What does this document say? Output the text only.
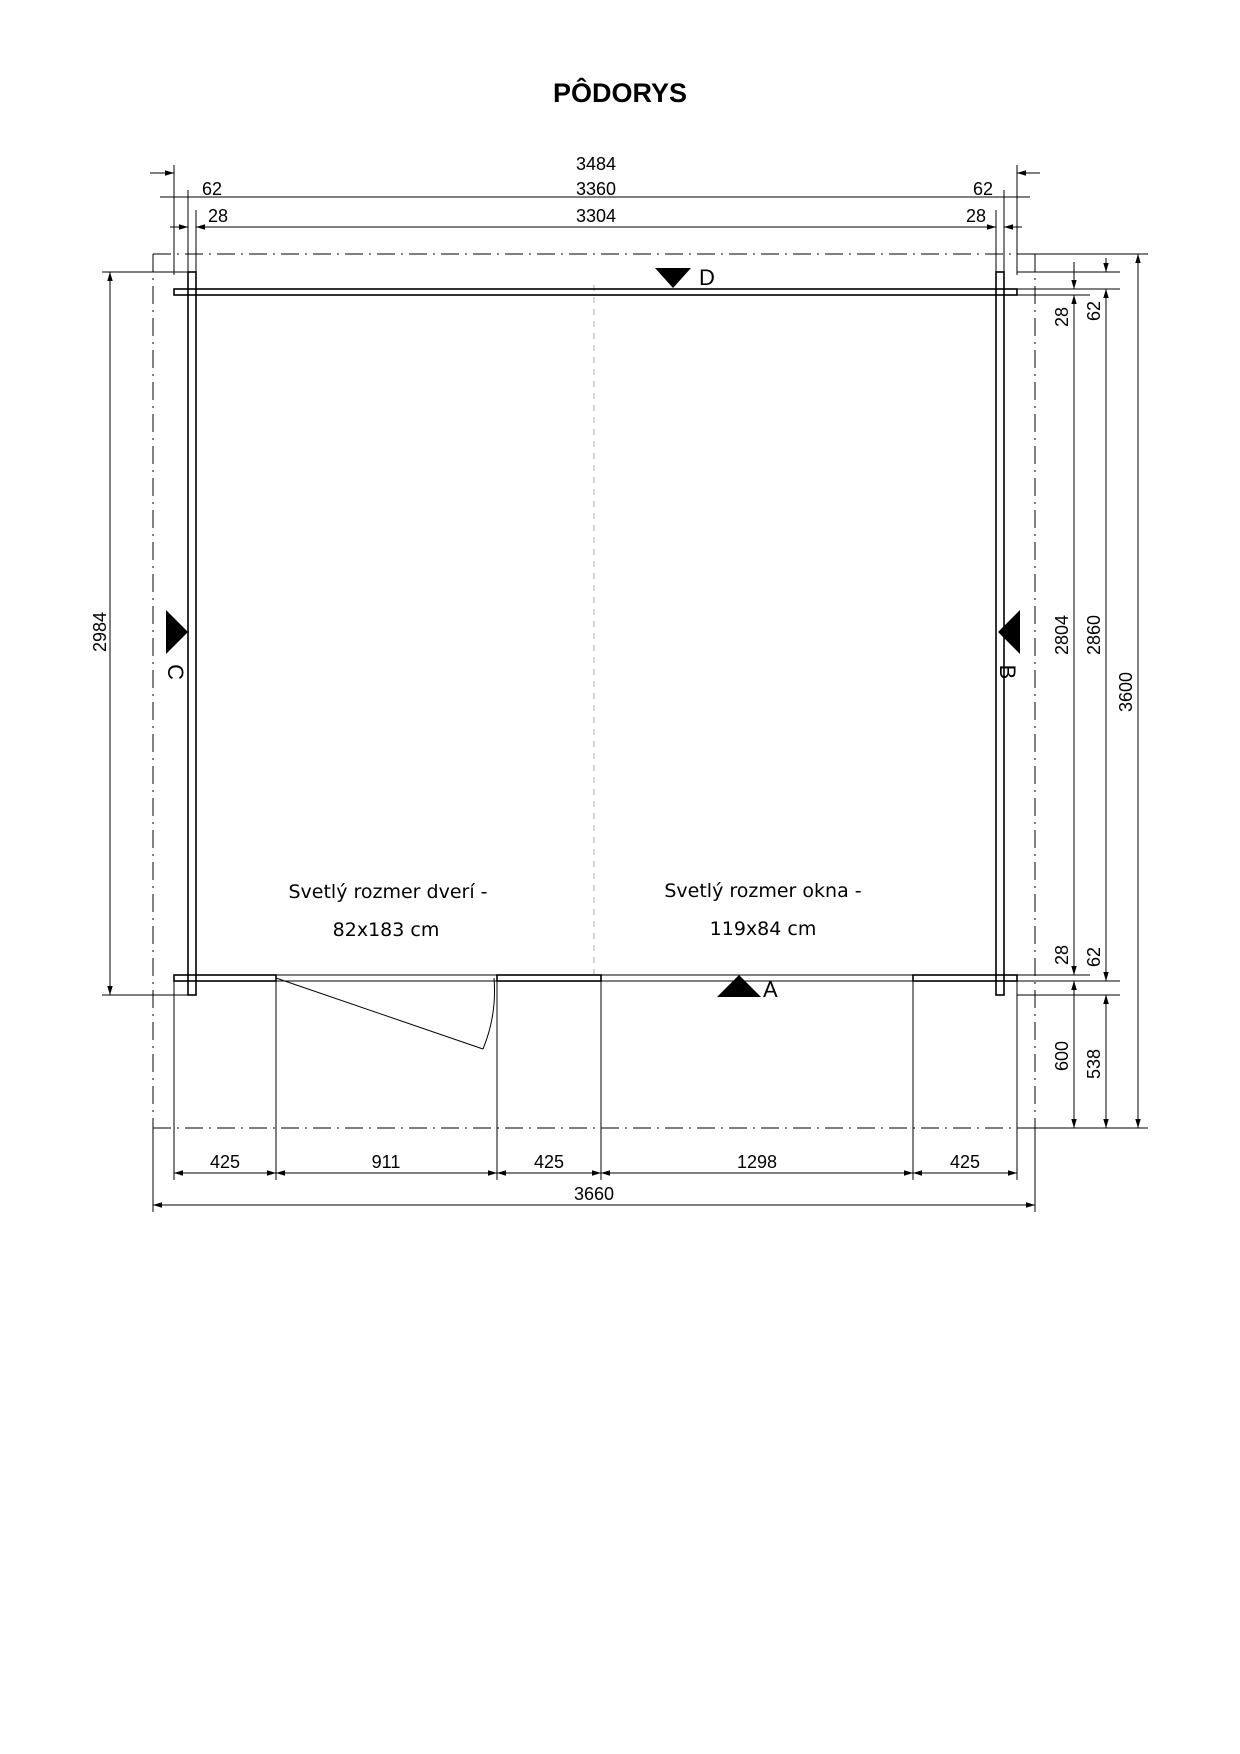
PÔDORYS
D
A
C	B
3484
3360
3304
62
28
62
28
2984
28 62
2804 2860
3600
28 62
600 538
425	911	425	1298	425
3660
Svetlý rozmer dverí -
82x183 cm
Svetlý rozmer okna -
119x84 cm
